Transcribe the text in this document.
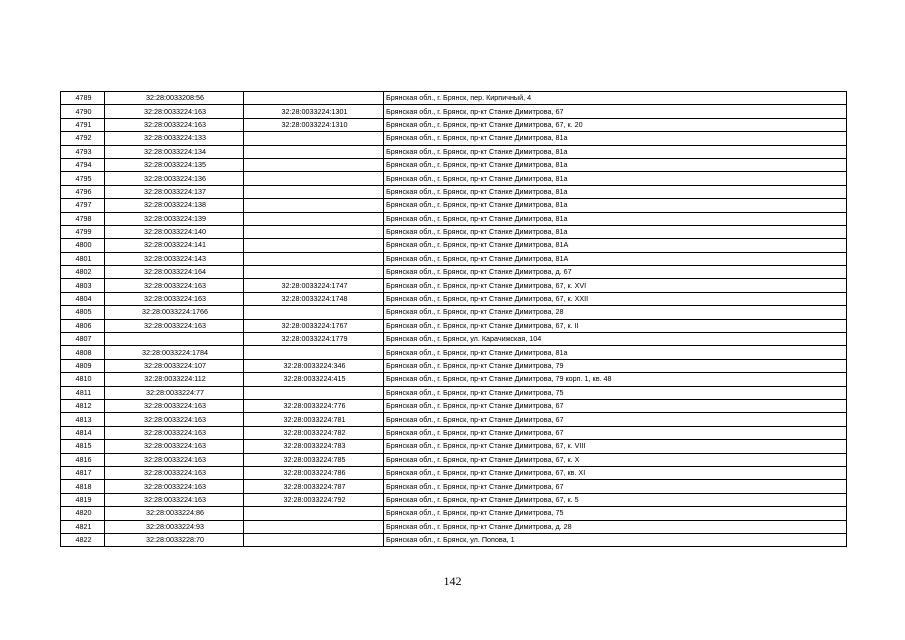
4789	32:28:0033208:56		Брянская обл., г. Брянск, пер. Кирпичный, 4
4790	32:28:0033224:163	32:28:0033224:1301	Брянская обл., г. Брянск, пр-кт Станке Димитрова, 67
4791	32:28:0033224:163	32:28:0033224:1310	Брянская обл., г. Брянск, пр-кт Станке Димитрова, 67, к. 20
4792	32:28:0033224:133		Брянская обл., г. Брянск, пр-кт Станке Димитрова, 81а
4793	32:28:0033224:134		Брянская обл., г. Брянск, пр-кт Станке Димитрова, 81а
4794	32:28:0033224:135		Брянская обл., г. Брянск, пр-кт Станке Димитрова, 81а
4795	32:28:0033224:136		Брянская обл., г. Брянск, пр-кт Станке Димитрова, 81а
4796	32:28:0033224:137		Брянская обл., г. Брянск, пр-кт Станке Димитрова, 81а
4797	32:28:0033224:138		Брянская обл., г. Брянск, пр-кт Станке Димитрова, 81а
4798	32:28:0033224:139		Брянская обл., г. Брянск, пр-кт Станке Димитрова, 81а
4799	32:28:0033224:140		Брянская обл., г. Брянск, пр-кт Станке Димитрова, 81а
4800	32:28:0033224:141		Брянская обл., г. Брянск, пр-кт Станке Димитрова, 81А
4801	32:28:0033224:143		Брянская обл., г. Брянск, пр-кт Станке Димитрова, 81А
4802	32:28:0033224:164		Брянская обл., г. Брянск, пр-кт Станке Димитрова, д. 67
4803	32:28:0033224:163	32:28:0033224:1747	Брянская обл., г. Брянск, пр-кт Станке Димитрова, 67, к. XVI
4804	32:28:0033224:163	32:28:0033224:1748	Брянская обл., г. Брянск, пр-кт Станке Димитрова, 67, к. XXII
4805	32:28:0033224:1766		Брянская обл., г. Брянск, пр-кт Станке Димитрова, 28
4806	32:28:0033224:163	32:28:0033224:1767	Брянская обл., г. Брянск, пр-кт Станке Димитрова, 67, к. II
4807		32:28:0033224:1779	Брянская обл., г. Брянск, ул. Карачижская, 104
4808	32:28:0033224:1784		Брянская обл., г. Брянск, пр-кт Станке Димитрова, 81а
4809	32:28:0033224:107	32:28:0033224:346	Брянская обл., г. Брянск, пр-кт Станке Димитрова, 79
4810	32:28:0033224:112	32:28:0033224:415	Брянская обл., г. Брянск, пр-кт Станке Димитрова, 79 корп. 1, кв. 48
4811	32:28:0033224:77		Брянская обл., г. Брянск, пр-кт Станке Димитрова, 75
4812	32:28:0033224:163	32:28:0033224:776	Брянская обл., г. Брянск, пр-кт Станке Димитрова, 67
4813	32:28:0033224:163	32:28:0033224:781	Брянская обл., г. Брянск, пр-кт Станке Димитрова, 67
4814	32:28:0033224:163	32:28:0033224:782	Брянская обл., г. Брянск, пр-кт Станке Димитрова, 67
4815	32:28:0033224:163	32:28:0033224:783	Брянская обл., г. Брянск, пр-кт Станке Димитрова, 67, к. VIII
4816	32:28:0033224:163	32:28:0033224:785	Брянская обл., г. Брянск, пр-кт Станке Димитрова, 67, к. X
4817	32:28:0033224:163	32:28:0033224:786	Брянская обл., г. Брянск, пр-кт Станке Димитрова, 67, кв. XI
4818	32:28:0033224:163	32:28:0033224:787	Брянская обл., г. Брянск, пр-кт Станке Димитрова, 67
4819	32:28:0033224:163	32:28:0033224:792	Брянская обл., г. Брянск, пр-кт Станке Димитрова, 67, к. 5
4820	32:28:0033224:86		Брянская обл., г. Брянск, пр-кт Станке Димитрова, 75
4821	32:28:0033224:93		Брянская обл., г. Брянск, пр-кт Станке Димитрова, д. 28
4822	32:28:0033228:70		Брянская обл., г. Брянск, ул. Попова, 1
142
